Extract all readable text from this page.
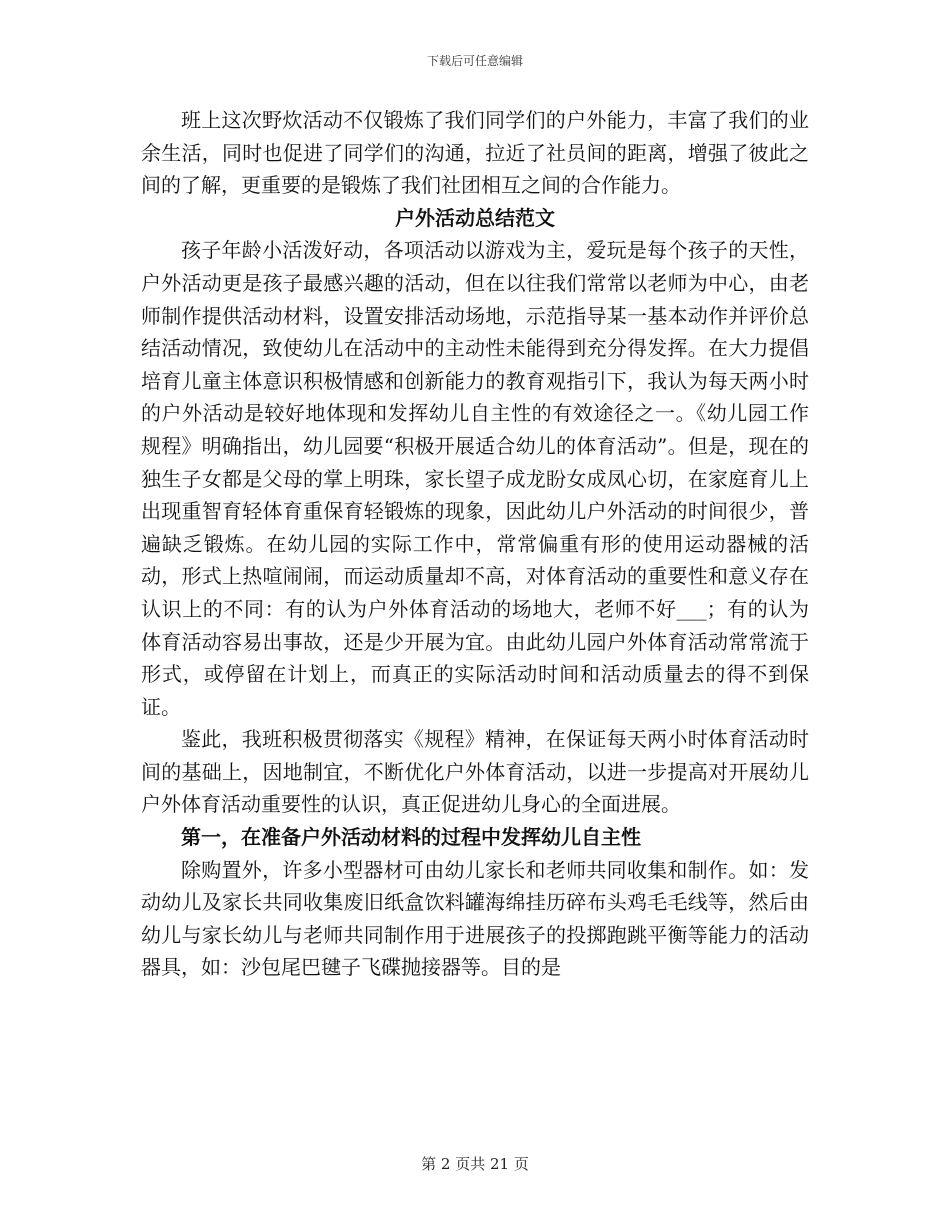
下载后可任意编辑

班上这次野炊活动不仅锻炼了我们同学们的户外能力，丰富了我们的业余生活，同时也促进了同学们的沟通，拉近了社员间的距离，增强了彼此之间的了解，更重要的是锻炼了我们社团相互之间的合作能力。

户外活动总结范文

孩子年龄小活泼好动，各项活动以游戏为主，爱玩是每个孩子的天性，户外活动更是孩子最感兴趣的活动，但在以往我们常常以老师为中心，由老师制作提供活动材料，设置安排活动场地，示范指导某一基本动作并评价总结活动情况，致使幼儿在活动中的主动性未能得到充分得发挥。在大力提倡培育儿童主体意识积极情感和创新能力的教育观指引下，我认为每天两小时的户外活动是较好地体现和发挥幼儿自主性的有效途径之一。《幼儿园工作规程》明确指出，幼儿园要“积极开展适合幼儿的体育活动”。但是，现在的独生子女都是父母的掌上明珠，家长望子成龙盼女成凤心切，在家庭育儿上出现重智育轻体育重保育轻锻炼的现象，因此幼儿户外活动的时间很少，普遍缺乏锻炼。在幼儿园的实际工作中，常常偏重有形的使用运动器械的活动，形式上热喧闹闹，而运动质量却不高，对体育活动的重要性和意义存在认识上的不同：有的认为户外体育活动的场地大，老师不好___；有的认为体育活动容易出事故，还是少开展为宜。由此幼儿园户外体育活动常常流于形式，或停留在计划上，而真正的实际活动时间和活动质量去的得不到保证。

鉴此，我班积极贯彻落实《规程》精神，在保证每天两小时体育活动时间的基础上，因地制宜，不断优化户外体育活动，以进一步提高对开展幼儿户外体育活动重要性的认识，真正促进幼儿身心的全面进展。

第一，在准备户外活动材料的过程中发挥幼儿自主性

除购置外，许多小型器材可由幼儿家长和老师共同收集和制作。如：发动幼儿及家长共同收集废旧纸盒饮料罐海绵挂历碎布头鸡毛毛线等，然后由幼儿与家长幼儿与老师共同制作用于进展孩子的投掷跑跳平衡等能力的活动器具，如：沙包尾巴毽子飞碟抛接器等。目的是

第 2 页共 21 页
